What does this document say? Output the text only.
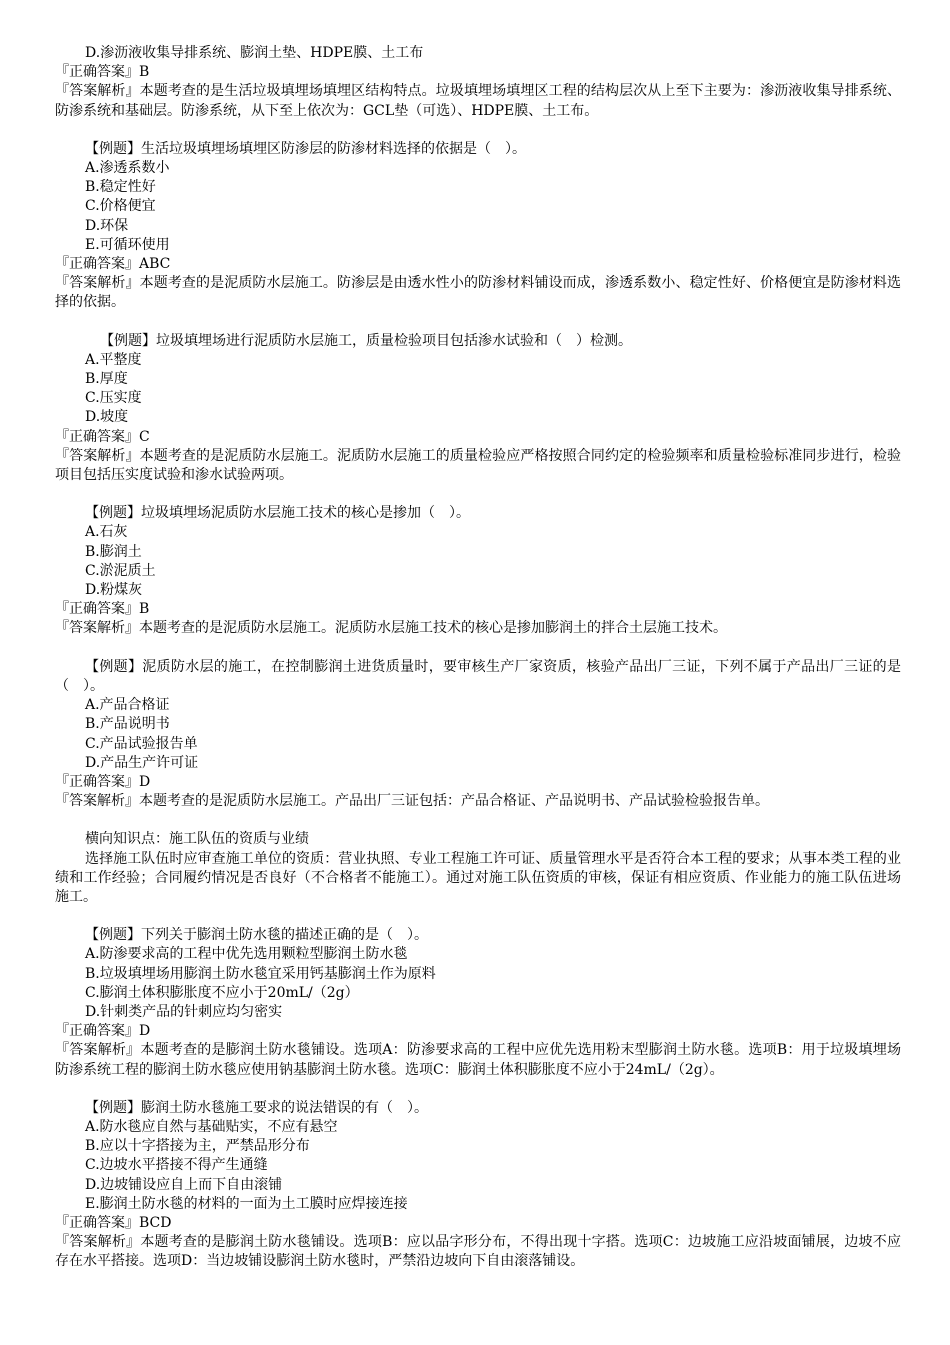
D.渗沥液收集导排系统、膨润土垫、HDPE膜、土工布

『正确答案』B

『答案解析』本题考查的是生活垃圾填埋场填埋区结构特点。垃圾填埋场填埋区工程的结构层次从上至下主要为：渗沥液收集导排系统、防渗系统和基础层。防渗系统，从下至上依次为：GCL垫（可选）、HDPE膜、土工布。

【例题】生活垃圾填埋场填埋区防渗层的防渗材料选择的依据是（　）。

A.渗透系数小

B.稳定性好

C.价格便宜

D.环保

E.可循环使用

『正确答案』ABC

『答案解析』本题考查的是泥质防水层施工。防渗层是由透水性小的防渗材料铺设而成，渗透系数小、稳定性好、价格便宜是防渗材料选择的依据。

【例题】垃圾填埋场进行泥质防水层施工，质量检验项目包括渗水试验和（　）检测。

A.平整度

B.厚度

C.压实度

D.坡度

『正确答案』C

『答案解析』本题考查的是泥质防水层施工。泥质防水层施工的质量检验应严格按照合同约定的检验频率和质量检验标准同步进行，检验项目包括压实度试验和渗水试验两项。

【例题】垃圾填埋场泥质防水层施工技术的核心是掺加（　）。

A.石灰

B.膨润土

C.淤泥质土

D.粉煤灰

『正确答案』B

『答案解析』本题考查的是泥质防水层施工。泥质防水层施工技术的核心是掺加膨润土的拌合土层施工技术。

【例题】泥质防水层的施工，在控制膨润土进货质量时，要审核生产厂家资质，核验产品出厂三证，下列不属于产品出厂三证的是（　）。

A.产品合格证

B.产品说明书

C.产品试验报告单

D.产品生产许可证

『正确答案』D

『答案解析』本题考查的是泥质防水层施工。产品出厂三证包括：产品合格证、产品说明书、产品试验检验报告单。

横向知识点：施工队伍的资质与业绩

选择施工队伍时应审查施工单位的资质：营业执照、专业工程施工许可证、质量管理水平是否符合本工程的要求；从事本类工程的业绩和工作经验；合同履约情况是否良好（不合格者不能施工）。通过对施工队伍资质的审核，保证有相应资质、作业能力的施工队伍进场施工。

【例题】下列关于膨润土防水毯的描述正确的是（　）。

A.防渗要求高的工程中优先选用颗粒型膨润土防水毯

B.垃圾填埋场用膨润土防水毯宜采用钙基膨润土作为原料

C.膨润土体积膨胀度不应小于20mL/（2g）

D.针刺类产品的针刺应均匀密实

『正确答案』D

『答案解析』本题考查的是膨润土防水毯铺设。选项A：防渗要求高的工程中应优先选用粉末型膨润土防水毯。选项B：用于垃圾填埋场防渗系统工程的膨润土防水毯应使用钠基膨润土防水毯。选项C：膨润土体积膨胀度不应小于24mL/（2g）。

【例题】膨润土防水毯施工要求的说法错误的有（　）。

A.防水毯应自然与基础贴实，不应有悬空

B.应以十字搭接为主，严禁品形分布

C.边坡水平搭接不得产生通缝

D.边坡铺设应自上而下自由滚铺

E.膨润土防水毯的材料的一面为土工膜时应焊接连接

『正确答案』BCD

『答案解析』本题考查的是膨润土防水毯铺设。选项B：应以品字形分布，不得出现十字搭。选项C：边坡施工应沿坡面铺展，边坡不应存在水平搭接。选项D：当边坡铺设膨润土防水毯时，严禁沿边坡向下自由滚落铺设。
